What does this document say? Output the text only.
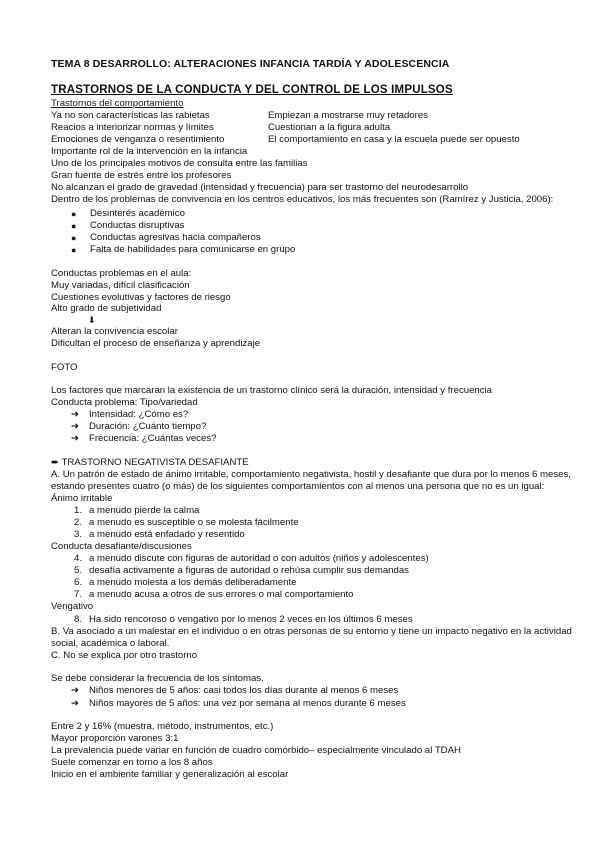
TEMA 8 DESARROLLO: ALTERACIONES INFANCIA TARDÍA Y ADOLESCENCIA
TRASTORNOS DE LA CONDUCTA Y DEL CONTROL DE LOS IMPULSOS
Trastornos del comportamiento
Ya no son características las rabietas	Empiezan a mostrarse muy retadores
Reacios a interiorizar normas y límites	Cuestionan a la figura adulta
Emociones de venganza o resentimiento	El comportamiento en casa y la escuela puede ser opuesto
Importante rol de la intervención en la infancia
Uno de los principales motivos de consulta entre las familias
Gran fuente de estrés entre los profesores
No alcanzan el grado de gravedad (intensidad y frecuencia) para ser trastorno del neurodesarrollo
Dentro de los problemas de convivencia en los centros educativos, los más frecuentes son (Ramírez y Justicia, 2006):
● Desinterés académico
● Conductas disruptivas
● Conductas agresivas hacia compañeros
● Falta de habilidades para comunicarse en grupo
Conductas problemas en el aula:
Muy variadas, difícil clasificación
Cuestiones evolutivas y factores de riesgo
Alto grado de subjetividad
⬇
Alteran la convivencia escolar
Dificultan el proceso de enseñanza y aprendizaje
FOTO
Los factores que marcaran la existencia de un trastorno clínico será la duración, intensidad y frecuencia
Conducta problema: Tipo/variedad
➔ Intensidad: ¿Cómo es?
➔ Duración: ¿Cuánto tiempo?
➔ Frecuencia: ¿Cuántas veces?
➨ TRASTORNO NEGATIVISTA DESAFIANTE
A. Un patrón de estado de ánimo irritable, comportamiento negativista, hostil y desafiante que dura por lo menos 6 meses,
estando presentes cuatro (o más) de los siguientes comportamientos con al menos una persona que no es un igual:
Ánimo irritable
1. a menudo pierde la calma
2. a menudo es susceptible o se molesta fácilmente
3. a menudo está enfadado y resentido
Conducta desafiante/discusiones
4. a menudo discute con figuras de autoridad o con adultos (niños y adolescentes)
5. desafía activamente a figuras de autoridad o rehúsa cumplir sus demandas
6. a menudo molesta a los demás deliberadamente
7. a menudo acusa a otros de sus errores o mal comportamiento
Vengativo
8. Ha sido rencoroso o vengativo por lo menos 2 veces en los últimos 6 meses
B. Va asociado a un malestar en el individuo o en otras personas de su entorno y tiene un impacto negativo en la actividad
social, académica o laboral.
C. No se explica por otro trastorno
Se debe considerar la frecuencia de los síntomas.
➔ Niños menores de 5 años: casi todos los días durante al menos 6 meses
➔ Niños mayores de 5 años: una vez por semana al menos durante 6 meses
Entre 2 y 16% (muestra, método, instrumentos, etc.)
Mayor proporción varones 3:1
La prevalencia puede variar en función de cuadro comórbido– especialmente vinculado al TDAH
Suele comenzar en torno a los 8 años
Inicio en el ambiente familiar y generalización al escolar
